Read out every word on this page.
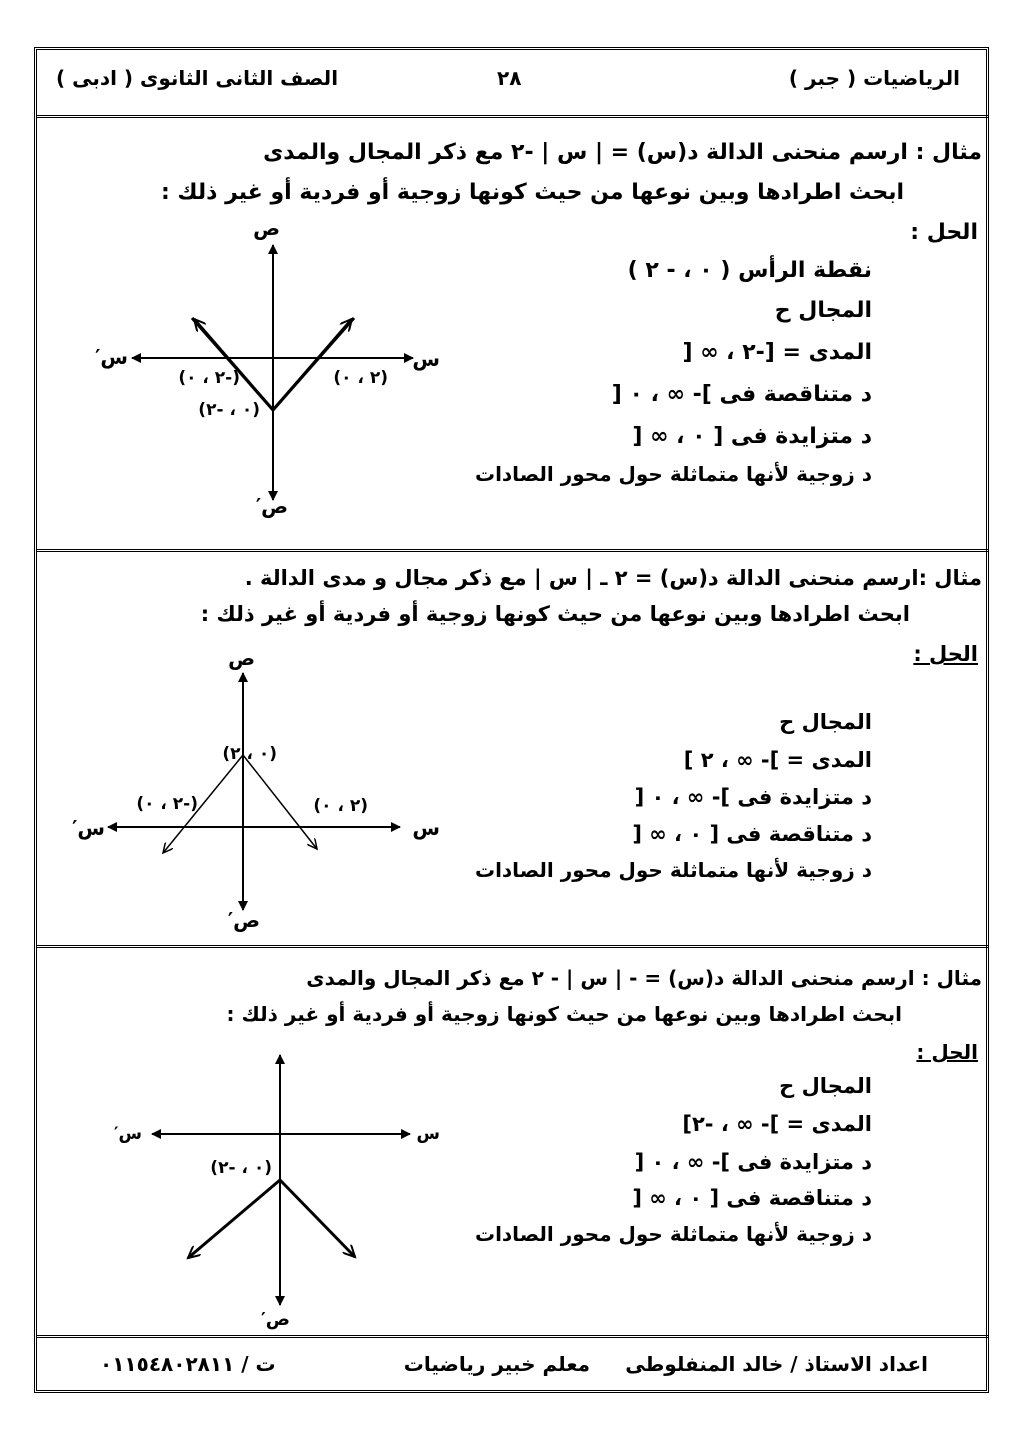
الرياضيات ( جبر )
٢٨
الصف الثانى الثانوى ( ادبى )
مثال : ارسم منحنى الدالة د(س) = | س | -٢ مع ذكر المجال والمدى
ابحث اطرادها وبين نوعها من حيث كونها زوجية أو فردية أو غير ذلك :
الحل :
نقطة الرأس ( ٠ ، - ٢ )
المجال ح
المدى = [-٢ ، ∞ [
د متناقصة فى ]- ∞ ، ٠ [
د متزايدة فى [ ٠ ، ∞ [
د زوجية لأنها متماثلة حول محور الصادات
ص
ص′
س
س′
(-٢ ، ٠)	(٢ ، ٠)
(٠ ، -٢)
مثال :ارسم منحنى الدالة د(س) = ٢ ـ | س | مع ذكر مجال و مدى الدالة .
ابحث اطرادها وبين نوعها من حيث كونها زوجية أو فردية أو غير ذلك :
الحل :
المجال ح
المدى = ]- ∞ ، ٢ ]
د متزايدة فى ]- ∞ ، ٠ [
د متناقصة فى [ ٠ ، ∞ [
د زوجية لأنها متماثلة حول محور الصادات
ص
ص′
س
س′
(٠ ، ٢)
(-٢ ، ٠)	(٢ ، ٠)
مثال : ارسم منحنى الدالة د(س) = - | س | - ٢ مع ذكر المجال والمدى
ابحث اطرادها وبين نوعها من حيث كونها زوجية أو فردية أو غير ذلك :
الحل :
المجال ح
المدى = ]- ∞ ، -٢]
د متزايدة فى ]- ∞ ، ٠ [
د متناقصة فى [ ٠ ، ∞ [
د زوجية لأنها متماثلة حول محور الصادات
س
س′
ص′
(٠ ، -٢)
اعداد الاستاذ / خالد المنفلوطى
معلم خبير رياضيات
ت / ٠١١٥٤٨٠٢٨١١
